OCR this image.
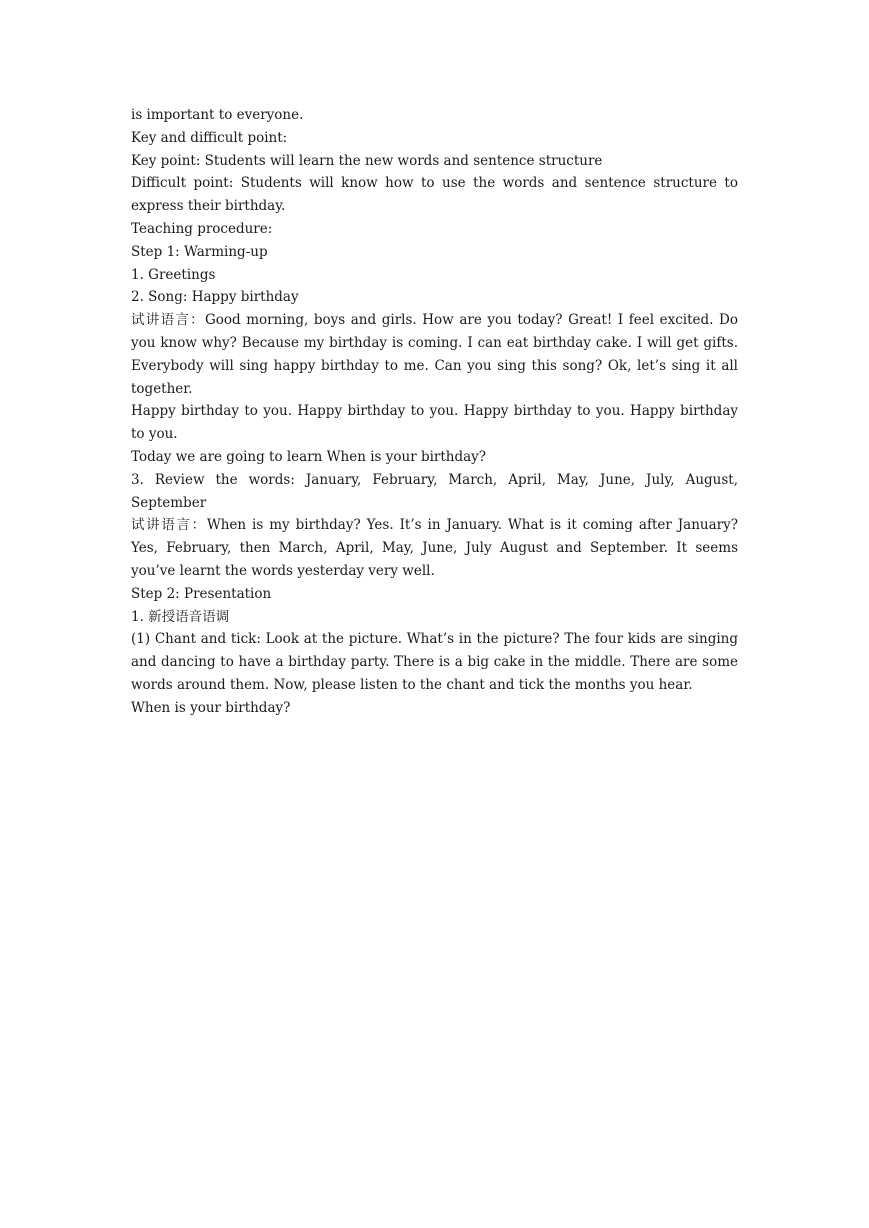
is important to everyone.

Key and difficult point:

Key point: Students will learn the new words and sentence structure

Difficult point: Students will know how to use the words and sentence structure to express their birthday.

Teaching procedure:

Step 1: Warming-up

1. Greetings

2. Song: Happy birthday

试讲语言：Good morning, boys and girls. How are you today? Great! I feel excited. Do you know why? Because my birthday is coming. I can eat birthday cake. I will get gifts. Everybody will sing happy birthday to me. Can you sing this song? Ok, let’s sing it all together.

Happy birthday to you. Happy birthday to you. Happy birthday to you. Happy birthday to you.

Today we are going to learn When is your birthday?

3. Review the words: January, February, March, April, May, June, July, August, September

试讲语言：When is my birthday? Yes. It’s in January. What is it coming after January? Yes, February, then March, April, May, June, July August and September. It seems you’ve learnt the words yesterday very well.

Step 2: Presentation

1. 新授语音语调

(1) Chant and tick: Look at the picture. What’s in the picture? The four kids are singing and dancing to have a birthday party. There is a big cake in the middle. There are some words around them. Now, please listen to the chant and tick the months you hear.

When is your birthday?
